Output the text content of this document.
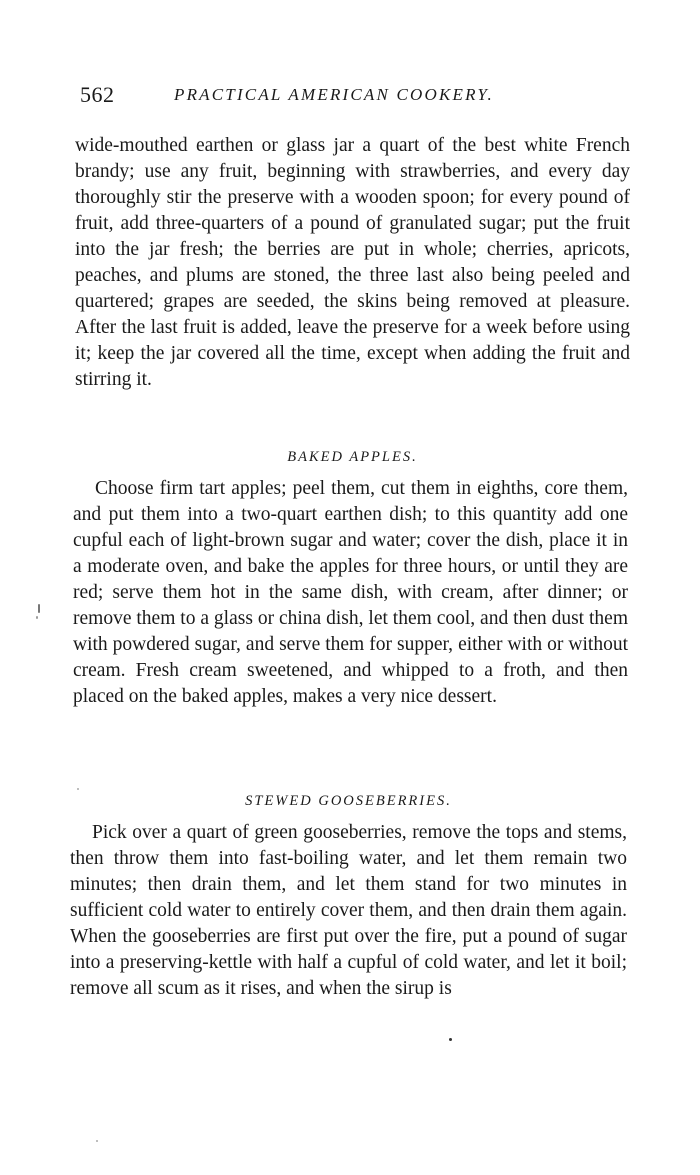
562	PRACTICAL AMERICAN COOKERY.

wide-mouthed earthen or glass jar a quart of the best white French brandy; use any fruit, beginning with strawberries, and every day thoroughly stir the preserve with a wooden spoon; for every pound of fruit, add three-quarters of a pound of granulated sugar; put the fruit into the jar fresh; the berries are put in whole; cherries, apricots, peaches, and plums are stoned, the three last also being peeled and quartered; grapes are seeded, the skins being removed at pleasure. After the last fruit is added, leave the preserve for a week before using it; keep the jar covered all the time, except when adding the fruit and stirring it.

BAKED APPLES.

Choose firm tart apples; peel them, cut them in eighths, core them, and put them into a two-quart earthen dish; to this quantity add one cupful each of light-brown sugar and water; cover the dish, place it in a moderate oven, and bake the apples for three hours, or until they are red; serve them hot in the same dish, with cream, after dinner; or remove them to a glass or china dish, let them cool, and then dust them with powdered sugar, and serve them for supper, either with or without cream. Fresh cream sweetened, and whipped to a froth, and then placed on the baked apples, makes a very nice dessert.

STEWED GOOSEBERRIES.

Pick over a quart of green gooseberries, remove the tops and stems, then throw them into fast-boiling water, and let them remain two minutes; then drain them, and let them stand for two minutes in sufficient cold water to entirely cover them, and then drain them again. When the gooseberries are first put over the fire, put a pound of sugar into a preserving-kettle with half a cupful of cold water, and let it boil; remove all scum as it rises, and when the sirup is
